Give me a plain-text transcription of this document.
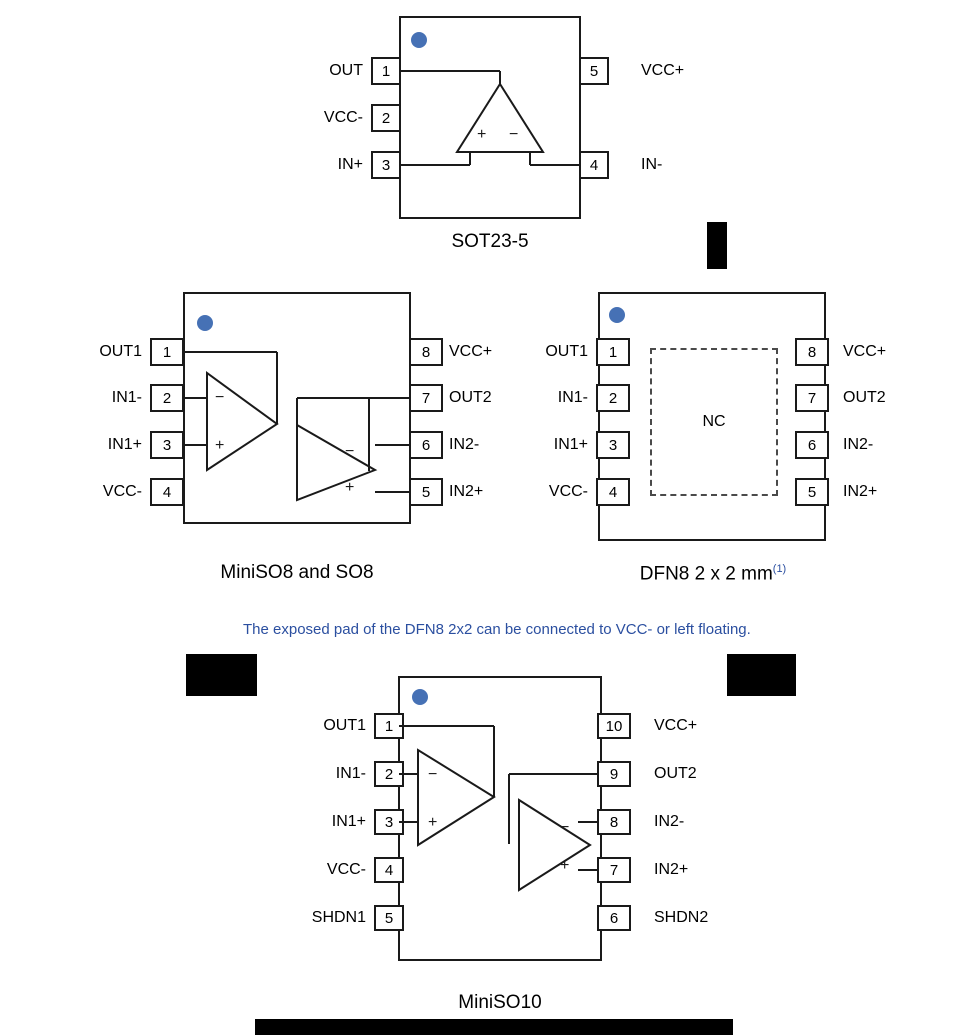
1
OUT
2
VCC-
3
IN+
5	VCC+
4	IN-
SOT23-5
+ −
1
OUT1
2
IN1-
3
IN1+
4
VCC-
8 VCC+
7 OUT2
6 IN2-
5 IN2+
MiniSO8 and SO8
−
+	−
+
NC
1
OUT1
2
IN1-
3
IN1+
4
VCC-
8 VCC+
7 OUT2
6 IN2-
5 IN2+
DFN8 2 x 2 $mm^{(1)}$
The exposed pad of the DFN8 2x2 can be connected to VCC- or left floating.
1
OUT1
2
IN1-
3
IN1+
4
VCC-
5
SHDN1
10 VCC+
9 OUT2
8 IN2-
7 IN2+
6 SHDN2
MiniSO10
−
+	−
+
